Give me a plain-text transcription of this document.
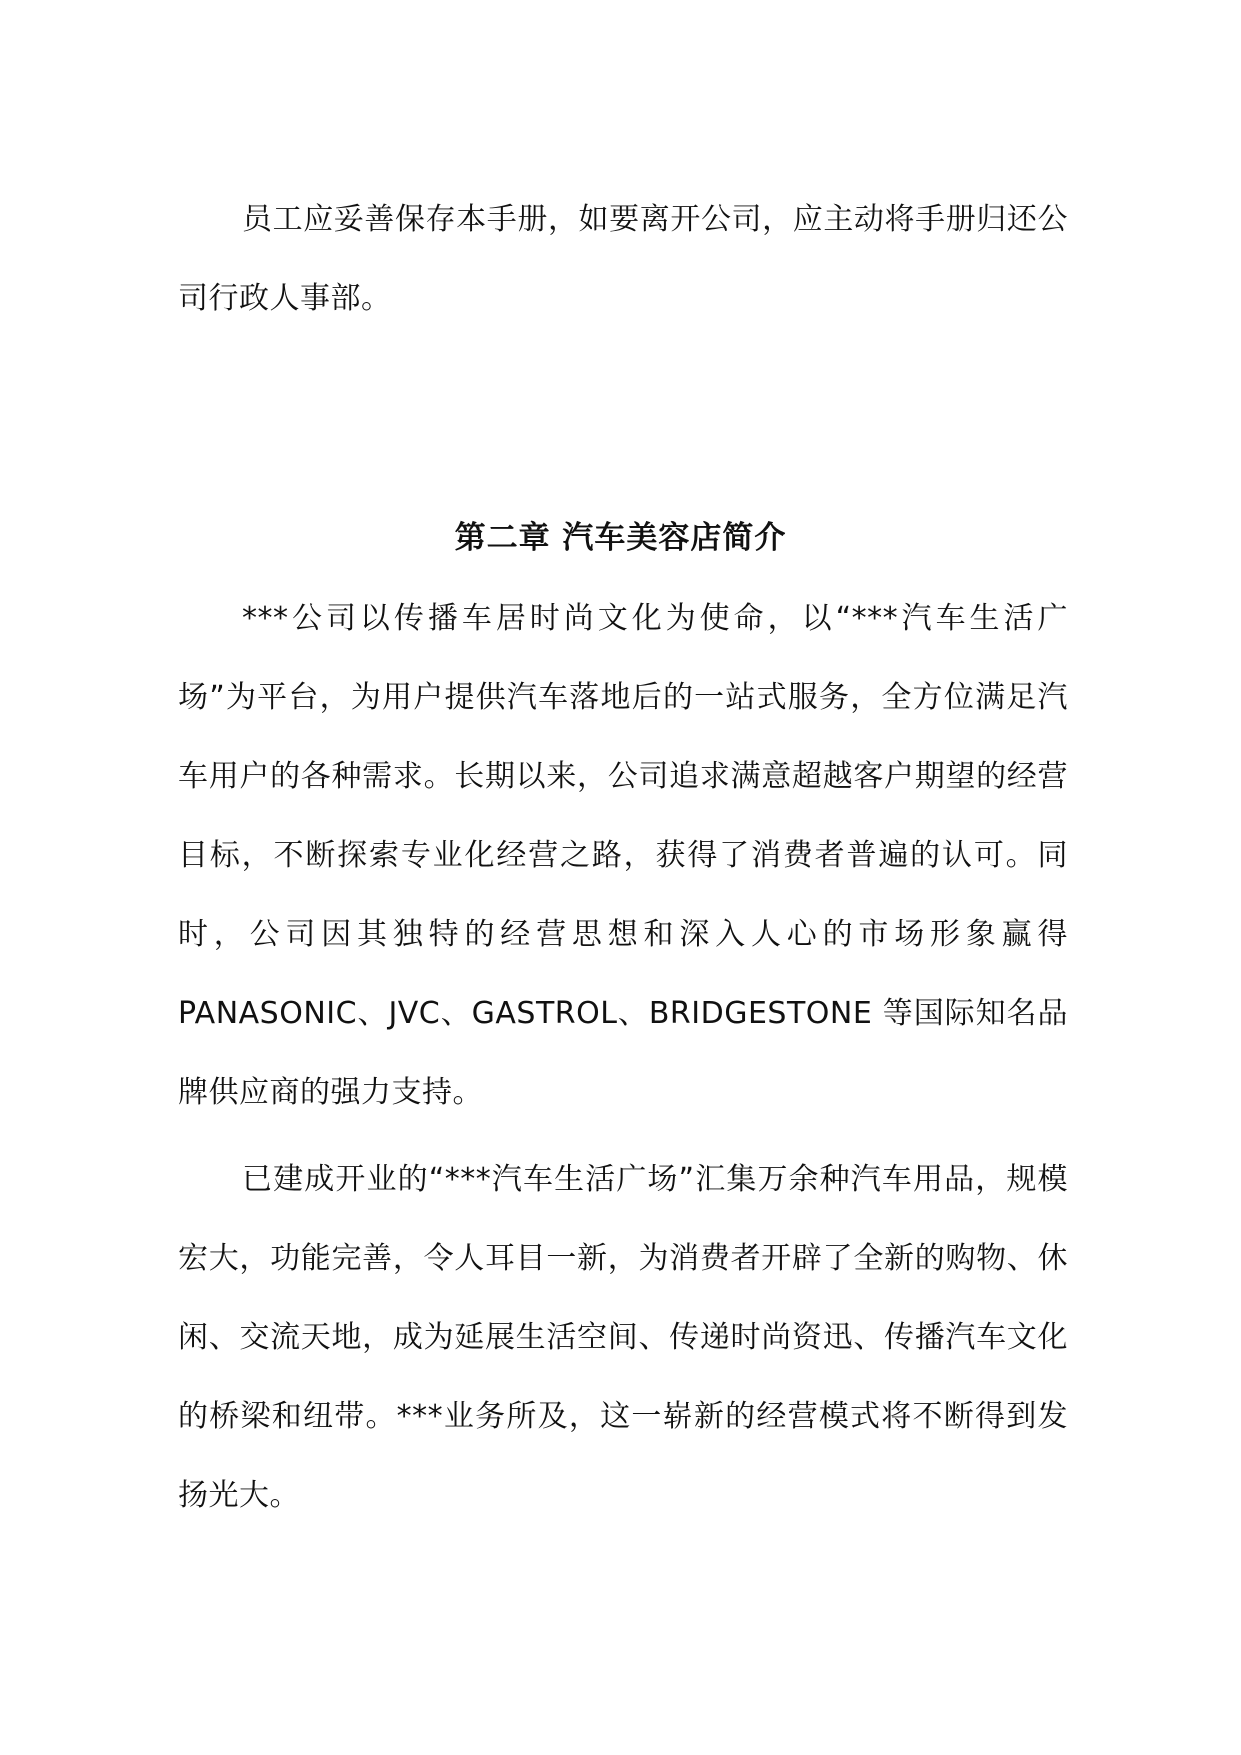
员工应妥善保存本手册，如要离开公司，应主动将手册归还公司行政人事部。

第二章 汽车美容店简介

***公司以传播车居时尚文化为使命，以“***汽车生活广场”为平台，为用户提供汽车落地后的一站式服务，全方位满足汽车用户的各种需求。长期以来，公司追求满意超越客户期望的经营目标，不断探索专业化经营之路，获得了消费者普遍的认可。同时，公司因其独特的经营思想和深入人心的市场形象赢得 PANASONIC、JVC、GASTROL、BRIDGESTONE 等国际知名品牌供应商的强力支持。

已建成开业的“***汽车生活广场”汇集万余种汽车用品，规模宏大，功能完善，令人耳目一新，为消费者开辟了全新的购物、休闲、交流天地，成为延展生活空间、传递时尚资迅、传播汽车文化的桥梁和纽带。***业务所及，这一崭新的经营模式将不断得到发扬光大。
